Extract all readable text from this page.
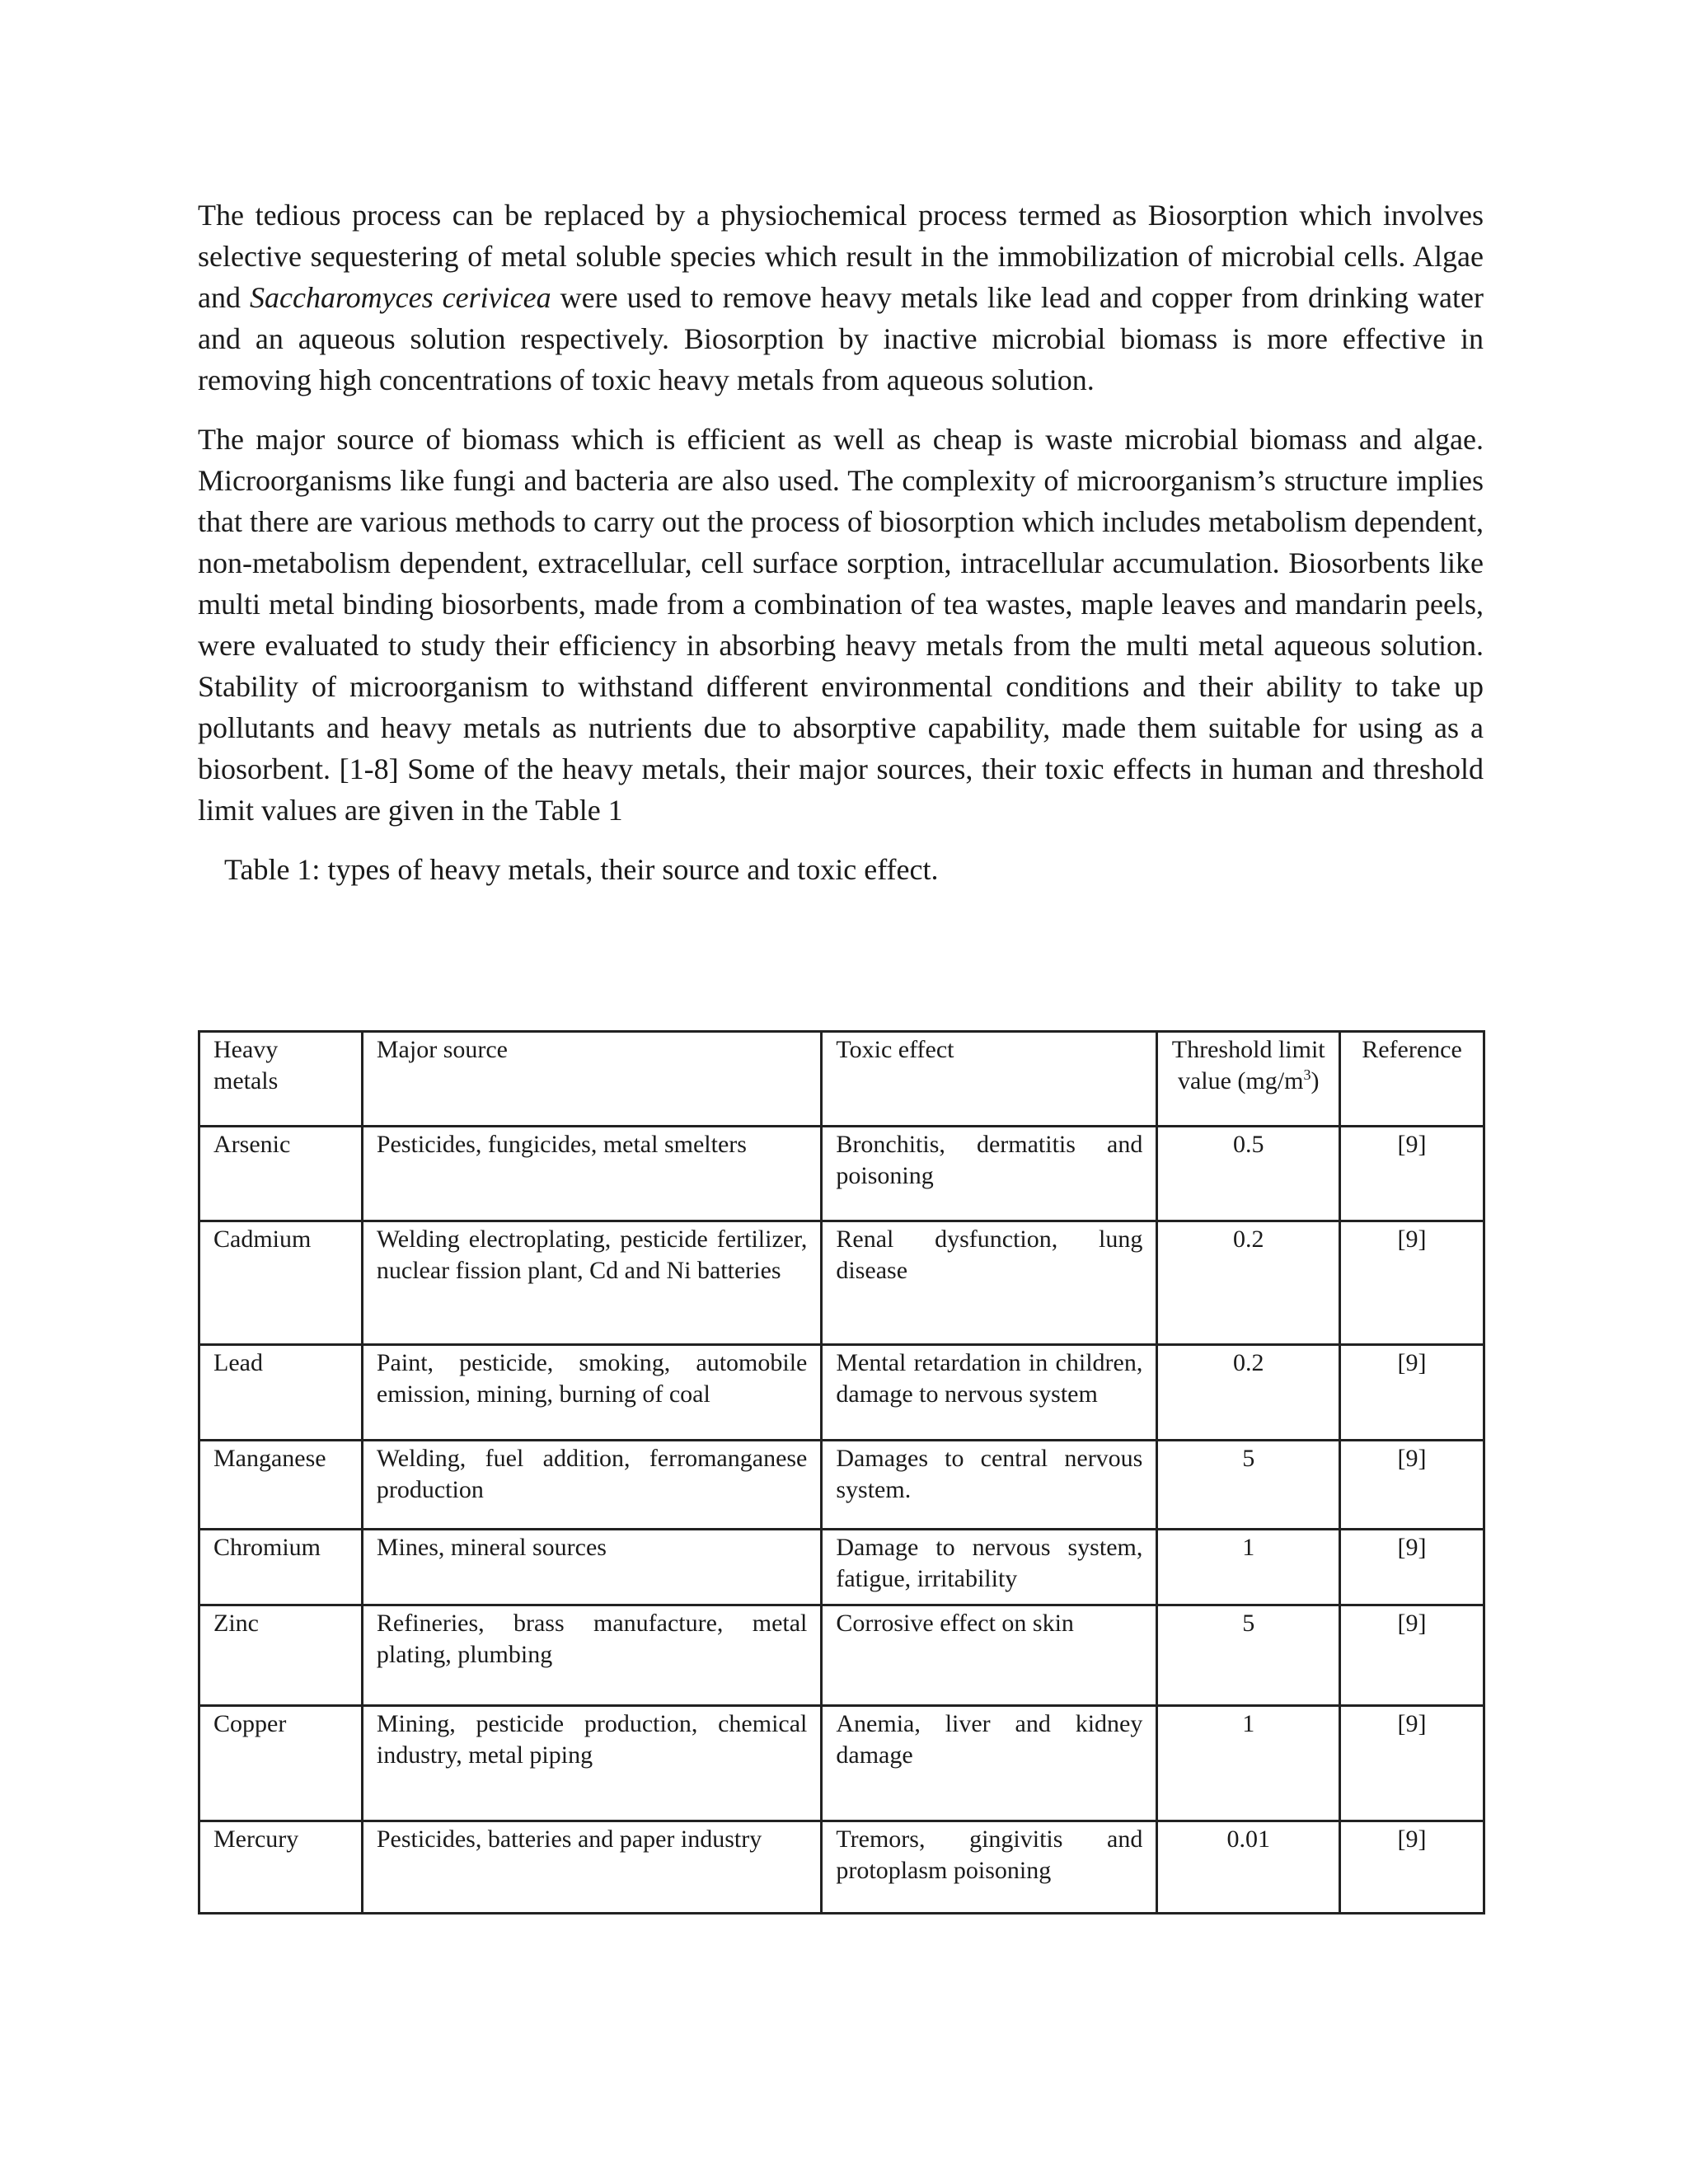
The tedious process can be replaced by a physiochemical process termed as Biosorption which involves selective sequestering of metal soluble species which result in the immobilization of microbial cells. Algae and Saccharomyces cerivicea were used to remove heavy metals like lead and copper from drinking water and an aqueous solution respectively. Biosorption by inactive microbial biomass is more effective in removing high concentrations of toxic heavy metals from aqueous solution.

The major source of biomass which is efficient as well as cheap is waste microbial biomass and algae. Microorganisms like fungi and bacteria are also used. The complexity of microorganism’s structure implies that there are various methods to carry out the process of biosorption which includes metabolism dependent, non-metabolism dependent, extracellular, cell surface sorption, intracellular accumulation. Biosorbents like multi metal binding biosorbents, made from a combination of tea wastes, maple leaves and mandarin peels, were evaluated to study their efficiency in absorbing heavy metals from the multi metal aqueous solution. Stability of microorganism to withstand different environmental conditions and their ability to take up pollutants and heavy metals as nutrients due to absorptive capability, made them suitable for using as a biosorbent. [1-8] Some of the heavy metals, their major sources, their toxic effects in human and threshold limit values are given in the Table 1

Table 1: types of heavy metals, their source and toxic effect.

Heavy metals	Major source	Toxic effect	Threshold limit value $(mg/m^3)$	Reference
Arsenic	Pesticides, fungicides, metal smelters	Bronchitis, dermatitis and poisoning	0.5	[9]
Cadmium	Welding electroplating, pesticide fertilizer, nuclear fission plant, Cd and Ni batteries	Renal dysfunction, lung disease	0.2	[9]
Lead	Paint, pesticide, smoking, automobile emission, mining, burning of coal	Mental retardation in children, damage to nervous system	0.2	[9]
Manganese	Welding, fuel addition, ferromanganese production	Damages to central nervous system.	5	[9]
Chromium	Mines, mineral sources	Damage to nervous system, fatigue, irritability	1	[9]
Zinc	Refineries, brass manufacture, metal plating, plumbing	Corrosive effect on skin	5	[9]
Copper	Mining, pesticide production, chemical industry, metal piping	Anemia, liver and kidney damage	1	[9]
Mercury	Pesticides, batteries and paper industry	Tremors, gingivitis and protoplasm poisoning	0.01	[9]
